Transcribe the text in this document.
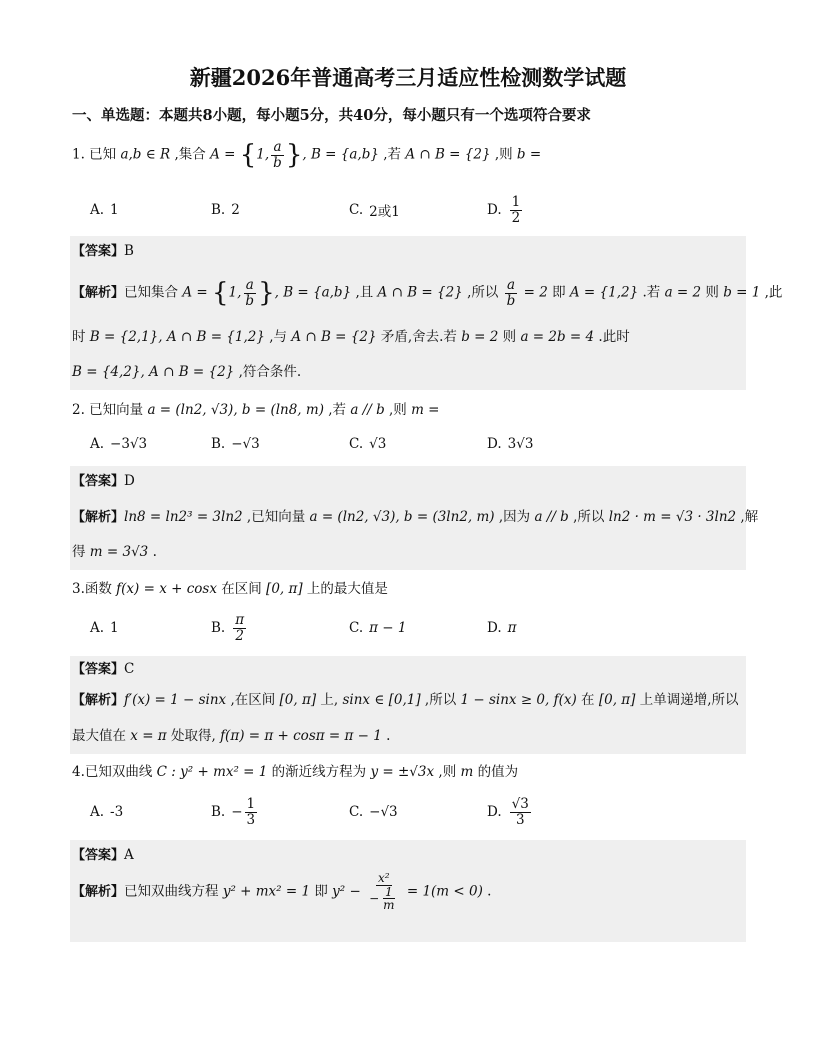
新疆2026年普通高考三月适应性检测数学试题
一、单选题：本题共8小题，每小题5分，共40分，每小题只有一个选项符合要求
1. 已知 a,b ∈ R ,集合 A = {1, $\frac{a}{b}$ }, B = {a,b} ,若 A ∩ B = {2} ,则 b =
A. 1	B. 2	C. 2或1	D. $\frac{1}{2}$
【答案】B
【解析】已知集合 A = {1, $\frac{a}{b}$ }, B = {a,b} ,且 A ∩ B = {2} ,所以 $\frac{a}{b} = 2$ 即 A = {1,2} .若 a = 2 则 b = 1 ,此
时 B = {2,1}, A ∩ B = {1,2} ,与 A ∩ B = {2} 矛盾,舍去.若 b = 2 则 a = 2b = 4 .此时
B = {4,2}, A ∩ B = {2} ,符合条件.
2. 已知向量 a = (ln2, √3), b = (ln8, m) ,若 a // b ,则 m =
A. −3√3	B. −√3	C. √3	D. 3√3
【答案】D
【解析】ln8 = ln2³ = 3ln2 ,已知向量 a = (ln2, √3), b = (3ln2, m) ,因为 a // b ,所以 ln2 · m = √3 · 3ln2 ,解
得 m = 3√3 .
3.函数 f(x) = x + cosx 在区间 [0, π] 上的最大值是
A. 1	B. $\frac{\pi}{2}$	C. π − 1	D. π
【答案】C
【解析】f′(x) = 1 − sinx ,在区间 [0, π] 上, sinx ∈ [0,1] ,所以 1 − sinx ≥ 0, f(x) 在 [0, π] 上单调递增,所以
最大值在 x = π 处取得, f(π) = π + cosπ = π − 1 .
4.已知双曲线 C : y² + mx² = 1 的渐近线方程为 y = ±√3x ,则 m 的值为
A. -3	B. − $\frac{1}{3}$	C. −√3	D. $\frac{√3}{3}$
【答案】A
【解析】已知双曲线方程 y² + mx² = 1 即 $y^2 - \frac{\text{x²}}{- \frac{1}{m}} = 1(m < 0)$ .
